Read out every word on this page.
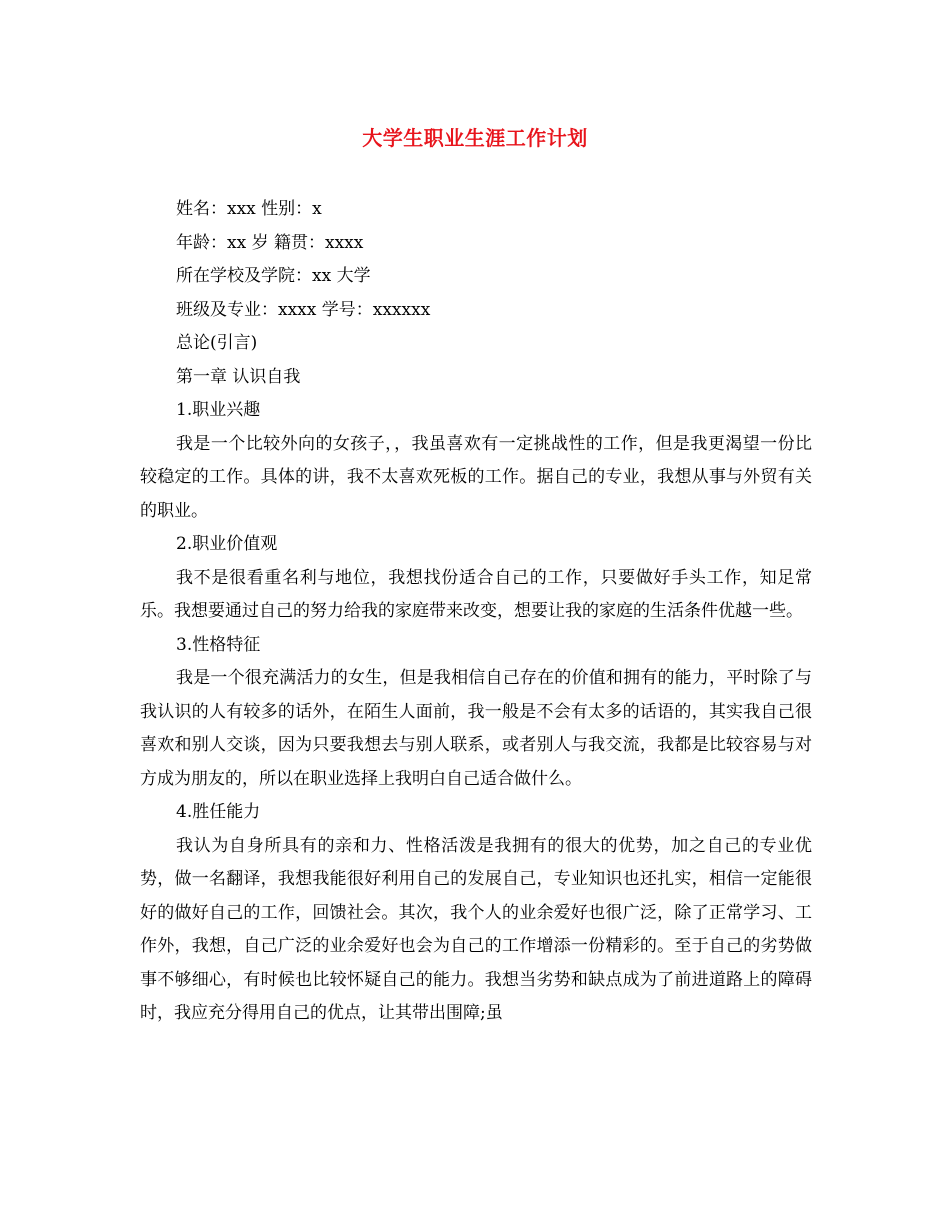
大学生职业生涯工作计划

姓名：xxx 性别：x

年龄：xx 岁 籍贯：xxxx

所在学校及学院：xx 大学

班级及专业：xxxx 学号：xxxxxx

总论(引言)

第一章 认识自我

1.职业兴趣

我是一个比较外向的女孩子，，我虽喜欢有一定挑战性的工作，但是我更渴望一份比较稳定的工作。具体的讲，我不太喜欢死板的工作。据自己的专业，我想从事与外贸有关的职业。

2.职业价值观

我不是很看重名利与地位，我想找份适合自己的工作，只要做好手头工作，知足常乐。我想要通过自己的努力给我的家庭带来改变，想要让我的家庭的生活条件优越一些。

3.性格特征

我是一个很充满活力的女生，但是我相信自己存在的价值和拥有的能力，平时除了与我认识的人有较多的话外，在陌生人面前，我一般是不会有太多的话语的，其实我自己很喜欢和别人交谈，因为只要我想去与别人联系，或者别人与我交流，我都是比较容易与对方成为朋友的，所以在职业选择上我明白自己适合做什么。

4.胜任能力

我认为自身所具有的亲和力、性格活泼是我拥有的很大的优势，加之自己的专业优势，做一名翻译，我想我能很好利用自己的发展自己，专业知识也还扎实，相信一定能很好的做好自己的工作，回馈社会。其次，我个人的业余爱好也很广泛，除了正常学习、工作外，我想，自己广泛的业余爱好也会为自己的工作增添一份精彩的。至于自己的劣势做事不够细心，有时候也比较怀疑自己的能力。我想当劣势和缺点成为了前进道路上的障碍时，我应充分得用自己的优点，让其带出围障;虽
